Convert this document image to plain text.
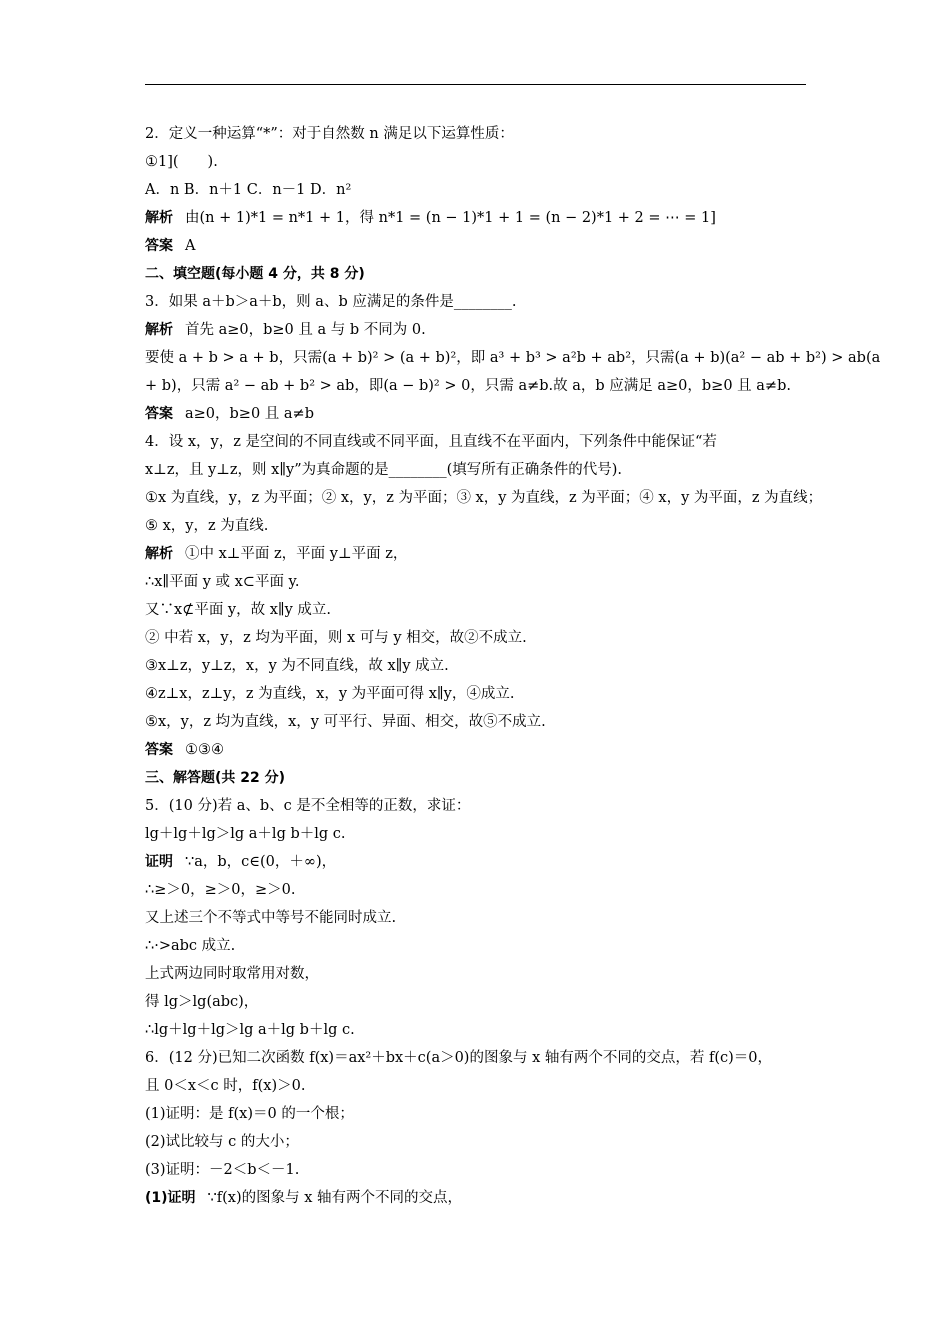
2．定义一种运算“*”：对于自然数 n 满足以下运算性质：
①1](　　).
A．n B．n＋1 C．n－1 D．n²
解析 由(n + 1)*1 = n*1 + 1，得 n*1 = (n − 1)*1 + 1 = (n − 2)*1 + 2 = ⋯ = 1]
答案 A
二、填空题(每小题 4 分，共 8 分)
3．如果 a＋b＞a＋b，则 a、b 应满足的条件是________.
解析 首先 a≥0，b≥0 且 a 与 b 不同为 0.
要使 a + b > a + b，只需(a + b)² > (a + b)²，即 a³ + b³ > a²b + ab²，只需(a + b)(a² − ab + b²) > ab(a
+ b)，只需 a² − ab + b² > ab，即(a − b)² > 0，只需 a≠b.故 a，b 应满足 a≥0，b≥0 且 a≠b.
答案 a≥0，b≥0 且 a≠b
4．设 x，y，z 是空间的不同直线或不同平面，且直线不在平面内，下列条件中能保证“若
x⊥z，且 y⊥z，则 x∥y”为真命题的是________(填写所有正确条件的代号).
①x 为直线，y，z 为平面；② x，y，z 为平面；③ x，y 为直线，z 为平面；④ x，y 为平面，z 为直线；
⑤ x，y，z 为直线.
解析 ①中 x⊥平面 z，平面 y⊥平面 z，
∴x∥平面 y 或 x⊂平面 y.
又∵x⊄平面 y，故 x∥y 成立.
② 中若 x，y，z 均为平面，则 x 可与 y 相交，故②不成立.
③x⊥z，y⊥z，x，y 为不同直线，故 x∥y 成立.
④z⊥x，z⊥y，z 为直线，x，y 为平面可得 x∥y，④成立.
⑤x，y，z 均为直线，x，y 可平行、异面、相交，故⑤不成立.
答案 ①③④
三、解答题(共 22 分)
5．(10 分)若 a、b、c 是不全相等的正数，求证：
lg＋lg＋lg＞lg a＋lg b＋lg c.
证明 ∵a，b，c∈(0，＋∞)，
∴≥＞0，≥＞0，≥＞0.
又上述三个不等式中等号不能同时成立.
∴·>abc 成立.
上式两边同时取常用对数，
得 lg＞lg(abc)，
∴lg＋lg＋lg＞lg a＋lg b＋lg c.
6．(12 分)已知二次函数 f(x)＝ax²＋bx＋c(a＞0)的图象与 x 轴有两个不同的交点，若 f(c)＝0，
且 0＜x＜c 时，f(x)＞0.
(1)证明：是 f(x)＝0 的一个根；
(2)试比较与 c 的大小；
(3)证明：－2＜b＜－1.
(1)证明 ∵f(x)的图象与 x 轴有两个不同的交点，
